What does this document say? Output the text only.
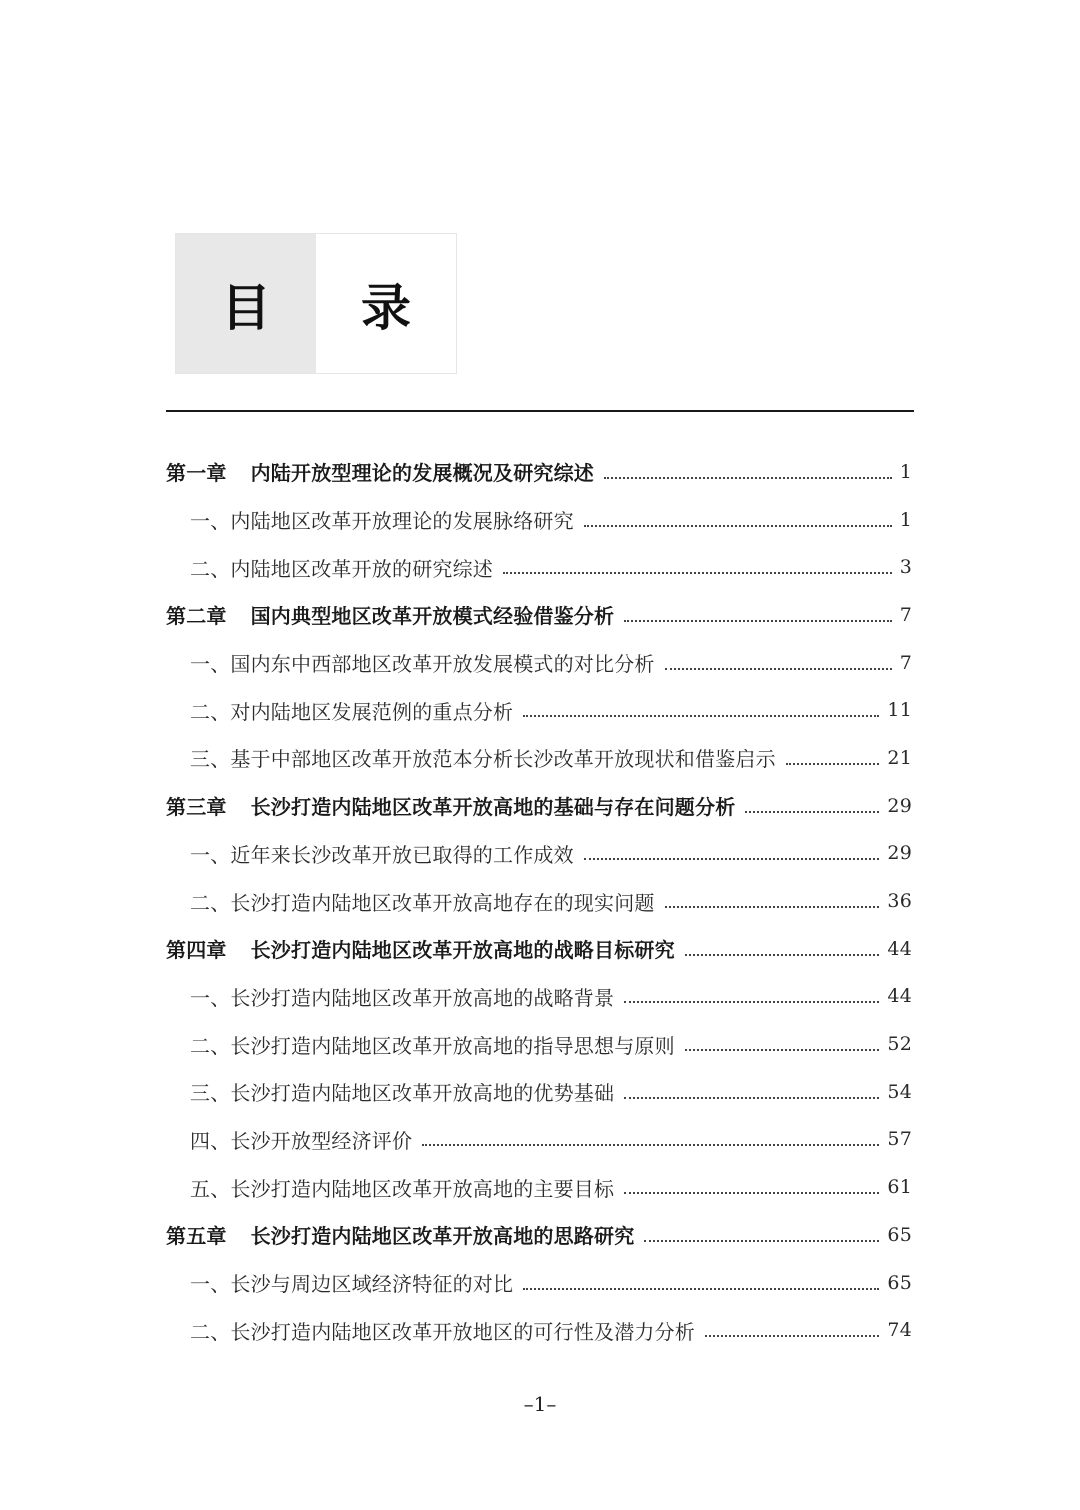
目	录
第一章 内陆开放型理论的发展概况及研究综述	1
一、内陆地区改革开放理论的发展脉络研究	1
二、内陆地区改革开放的研究综述	3
第二章 国内典型地区改革开放模式经验借鉴分析	7
一、国内东中西部地区改革开放发展模式的对比分析	7
二、对内陆地区发展范例的重点分析	11
三、基于中部地区改革开放范本分析长沙改革开放现状和借鉴启示	21
第三章 长沙打造内陆地区改革开放高地的基础与存在问题分析	29
一、近年来长沙改革开放已取得的工作成效	29
二、长沙打造内陆地区改革开放高地存在的现实问题	36
第四章 长沙打造内陆地区改革开放高地的战略目标研究	44
一、长沙打造内陆地区改革开放高地的战略背景	44
二、长沙打造内陆地区改革开放高地的指导思想与原则	52
三、长沙打造内陆地区改革开放高地的优势基础	54
四、长沙开放型经济评价	57
五、长沙打造内陆地区改革开放高地的主要目标	61
第五章 长沙打造内陆地区改革开放高地的思路研究	65
一、长沙与周边区域经济特征的对比	65
二、长沙打造内陆地区改革开放地区的可行性及潜力分析	74
–1–
